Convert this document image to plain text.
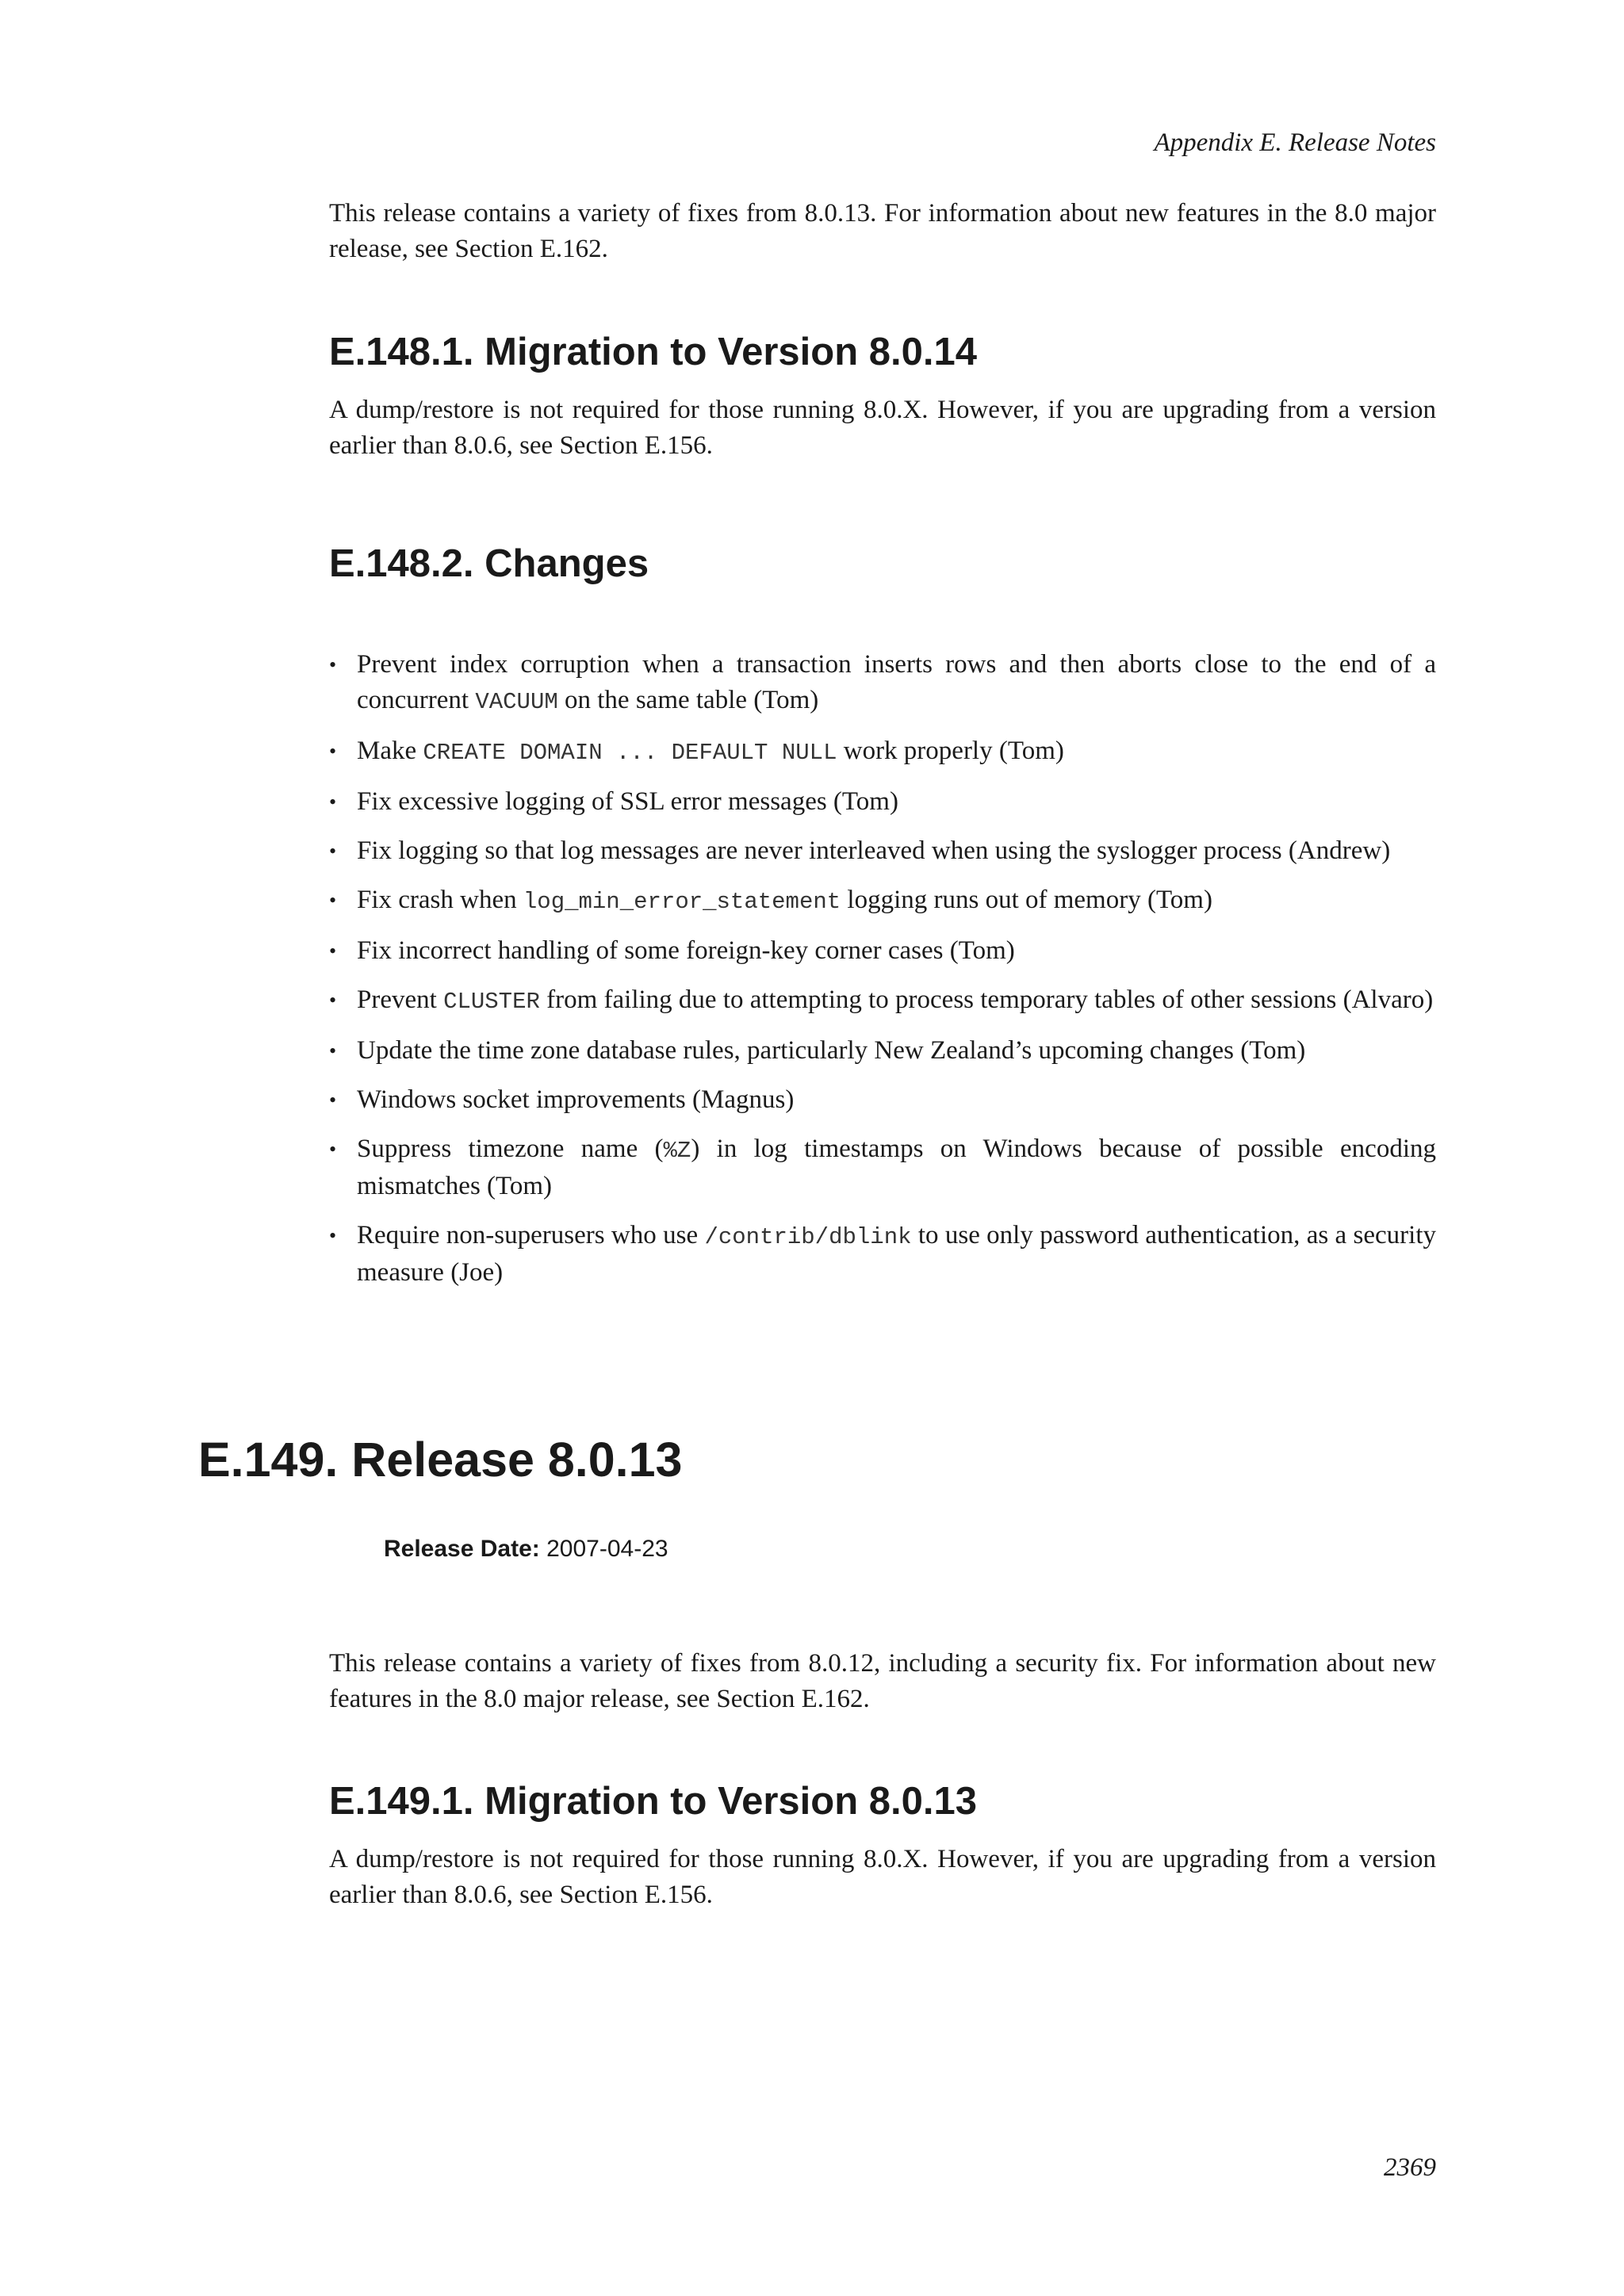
Appendix E. Release Notes

This release contains a variety of fixes from 8.0.13. For information about new features in the 8.0 major release, see Section E.162.

E.148.1. Migration to Version 8.0.14

A dump/restore is not required for those running 8.0.X. However, if you are upgrading from a version earlier than 8.0.6, see Section E.156.

E.148.2. Changes
• Prevent index corruption when a transaction inserts rows and then aborts close to the end of a concurrent VACUUM on the same table (Tom)
• Make CREATE DOMAIN ... DEFAULT NULL work properly (Tom)
• Fix excessive logging of SSL error messages (Tom)
• Fix logging so that log messages are never interleaved when using the syslogger process (Andrew)
• Fix crash when log_min_error_statement logging runs out of memory (Tom)
• Fix incorrect handling of some foreign-key corner cases (Tom)
• Prevent CLUSTER from failing due to attempting to process temporary tables of other sessions (Alvaro)
• Update the time zone database rules, particularly New Zealand’s upcoming changes (Tom)
• Windows socket improvements (Magnus)
• Suppress timezone name (%Z) in log timestamps on Windows because of possible encoding mismatches (Tom)
• Require non-superusers who use /contrib/dblink to use only password authentication, as a security measure (Joe)
E.149. Release 8.0.13
Release Date: 2007-04-23

This release contains a variety of fixes from 8.0.12, including a security fix. For information about new features in the 8.0 major release, see Section E.162.

E.149.1. Migration to Version 8.0.13

A dump/restore is not required for those running 8.0.X. However, if you are upgrading from a version earlier than 8.0.6, see Section E.156.

2369
